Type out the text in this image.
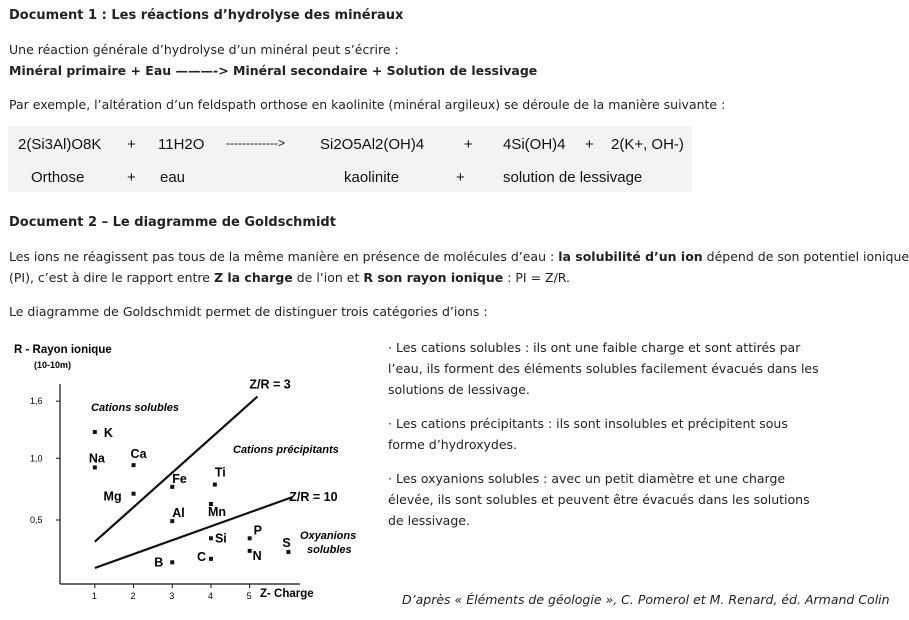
Document 1 : Les réactions d’hydrolyse des minéraux
Une réaction générale d’hydrolyse d’un minéral peut s’écrire :
Minéral primaire + Eau ———-> Minéral secondaire + Solution de lessivage
Par exemple, l’altération d’un feldspath orthose en kaolinite (minéral argileux) se déroule de la manière suivante :
2(Si3Al)O8K + 11H2O -------------> Si2O5Al2(OH)4	+ 4Si(OH)4 + 2(K+, OH-)
Orthose	+ eau	kaolinite	+	solution de lessivage
Document 2 – Le diagramme de Goldschmidt
Les ions ne réagissent pas tous de la même manière en présence de molécules d’eau : la solubilité d’un ion dépend de son potentiel ionique
(PI), c’est à dire le rapport entre Z la charge de l’ion et R son rayon ionique : PI = Z/R.
Le diagramme de Goldschmidt permet de distinguer trois catégories d’ions :
R - Rayon ionique
(10-10m)
Z- Charge
1	2	3	4	5
1,6
1,0
0,5
Z/R = 3
Z/R = 10
K
Na Ca
Mg
Fe Ti
Al Mn
Si
P
S
N
B	C
Cations solubles
Cations précipitants
Oxyanions solubles
· Les cations solubles : ils ont une faible charge et sont attirés par l’eau, ils forment des éléments solubles facilement évacués dans les solutions de lessivage.
· Les cations précipitants : ils sont insolubles et précipitent sous forme d’hydroxydes.
· Les oxyanions solubles : avec un petit diamètre et une charge élevée, ils sont solubles et peuvent être évacués dans les solutions de lessivage.
D’après « Éléments de géologie », C. Pomerol et M. Renard, éd. Armand Colin
